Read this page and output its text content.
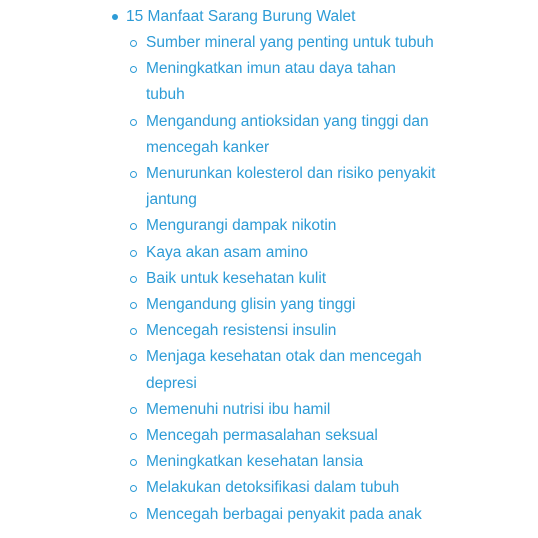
15 Manfaat Sarang Burung Walet
Sumber mineral yang penting untuk tubuh
Meningkatkan imun atau daya tahan tubuh
Mengandung antioksidan yang tinggi dan mencegah kanker
Menurunkan kolesterol dan risiko penyakit jantung
Mengurangi dampak nikotin
Kaya akan asam amino
Baik untuk kesehatan kulit
Mengandung glisin yang tinggi
Mencegah resistensi insulin
Menjaga kesehatan otak dan mencegah depresi
Memenuhi nutrisi ibu hamil
Mencegah permasalahan seksual
Meningkatkan kesehatan lansia
Melakukan detoksifikasi dalam tubuh
Mencegah berbagai penyakit pada anak
